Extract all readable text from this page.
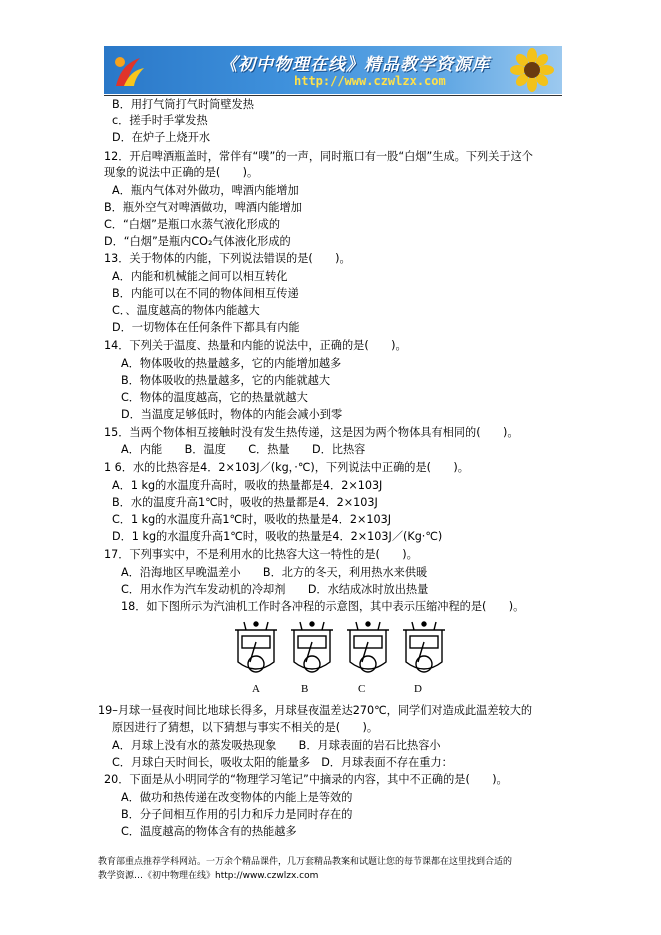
《初中物理在线》精品教学资源库
http://www.czwlzx.com
B．用打气筒打气时筒壁发热
c．搓手时手掌发热
D．在炉子上烧开水
12．开启啤酒瓶盖时，常伴有“噗”的一声，同时瓶口有一股“白烟”生成。下列关于这个
现象的说法中正确的是(　　)。
A．瓶内气体对外做功，啤酒内能增加
B．瓶外空气对啤酒做功，啤酒内能增加
C．“白烟”是瓶口水蒸气液化形成的
D．“白烟”是瓶内CO₂气体液化形成的
13．关于物体的内能，下列说法错误的是(　　)。
A．内能和机械能之间可以相互转化
B．内能可以在不同的物体间相互传递
C．、温度越高的物体内能越大
D．一切物体在任何条件下都具有内能
14．下列关于温度、热量和内能的说法中，正确的是(　　)。
A．物体吸收的热量越多，它的内能增加越多
B．物体吸收的热量越多，它的内能就越大
C．物体的温度越高，它的热量就越大
D．当温度足够低时，物体的内能会减小到零
15．当两个物体相互接触时没有发生热传递，这是因为两个物体具有相同的(　　)。
A．内能　　B．温度　　C．热量　　D．比热容
1 6．水的比热容是4．2×103J／(kg，·℃)，下列说法中正确的是(　　)。
A．1 kg的水温度升高时，吸收的热量都是4．2×103J
B．水的温度升高1℃时，吸收的热量都是4．2×103J
C．1 kg的水温度升高1℃时，吸收的热量是4．2×103J
D．1 kg的水温度升高1℃时，吸收的热量是4．2×103J／(Kg·℃)
17．下列事实中，不是利用水的比热容大这一特性的是(　　)。
A．沿海地区早晚温差小　　B．北方的冬天，利用热水来供暖
C．用水作为汽车发动机的冷却剂　　D．水结成冰时放出热量
18．如下图所示为汽油机工作时各冲程的示意图，其中表示压缩冲程的是(　　)。
A	B	C	D
19–月球一昼夜时间比地球长得多，月球昼夜温差达270℃，同学们对造成此温差较大的
原因进行了猜想，以下猜想与事实不相关的是(　　)。
A．月球上没有水的蒸发吸热现象　　B．月球表面的岩石比热容小
C．月球白天时间长，吸收太阳的能量多　D．月球表面不存在重力：
20．下面是从小明同学的“物理学习笔记”中摘录的内容，其中不正确的是(　　)。
A．做功和热传递在改变物体的内能上是等效的
B．分子间相互作用的引力和斥力是同时存在的
C．温度越高的物体含有的热能越多
教育部重点推荐学科网站。一万余个精品课件，几万套精品教案和试题让您的每节课都在这里找到合适的
教学资源…《初中物理在线》http://www.czwlzx.com
